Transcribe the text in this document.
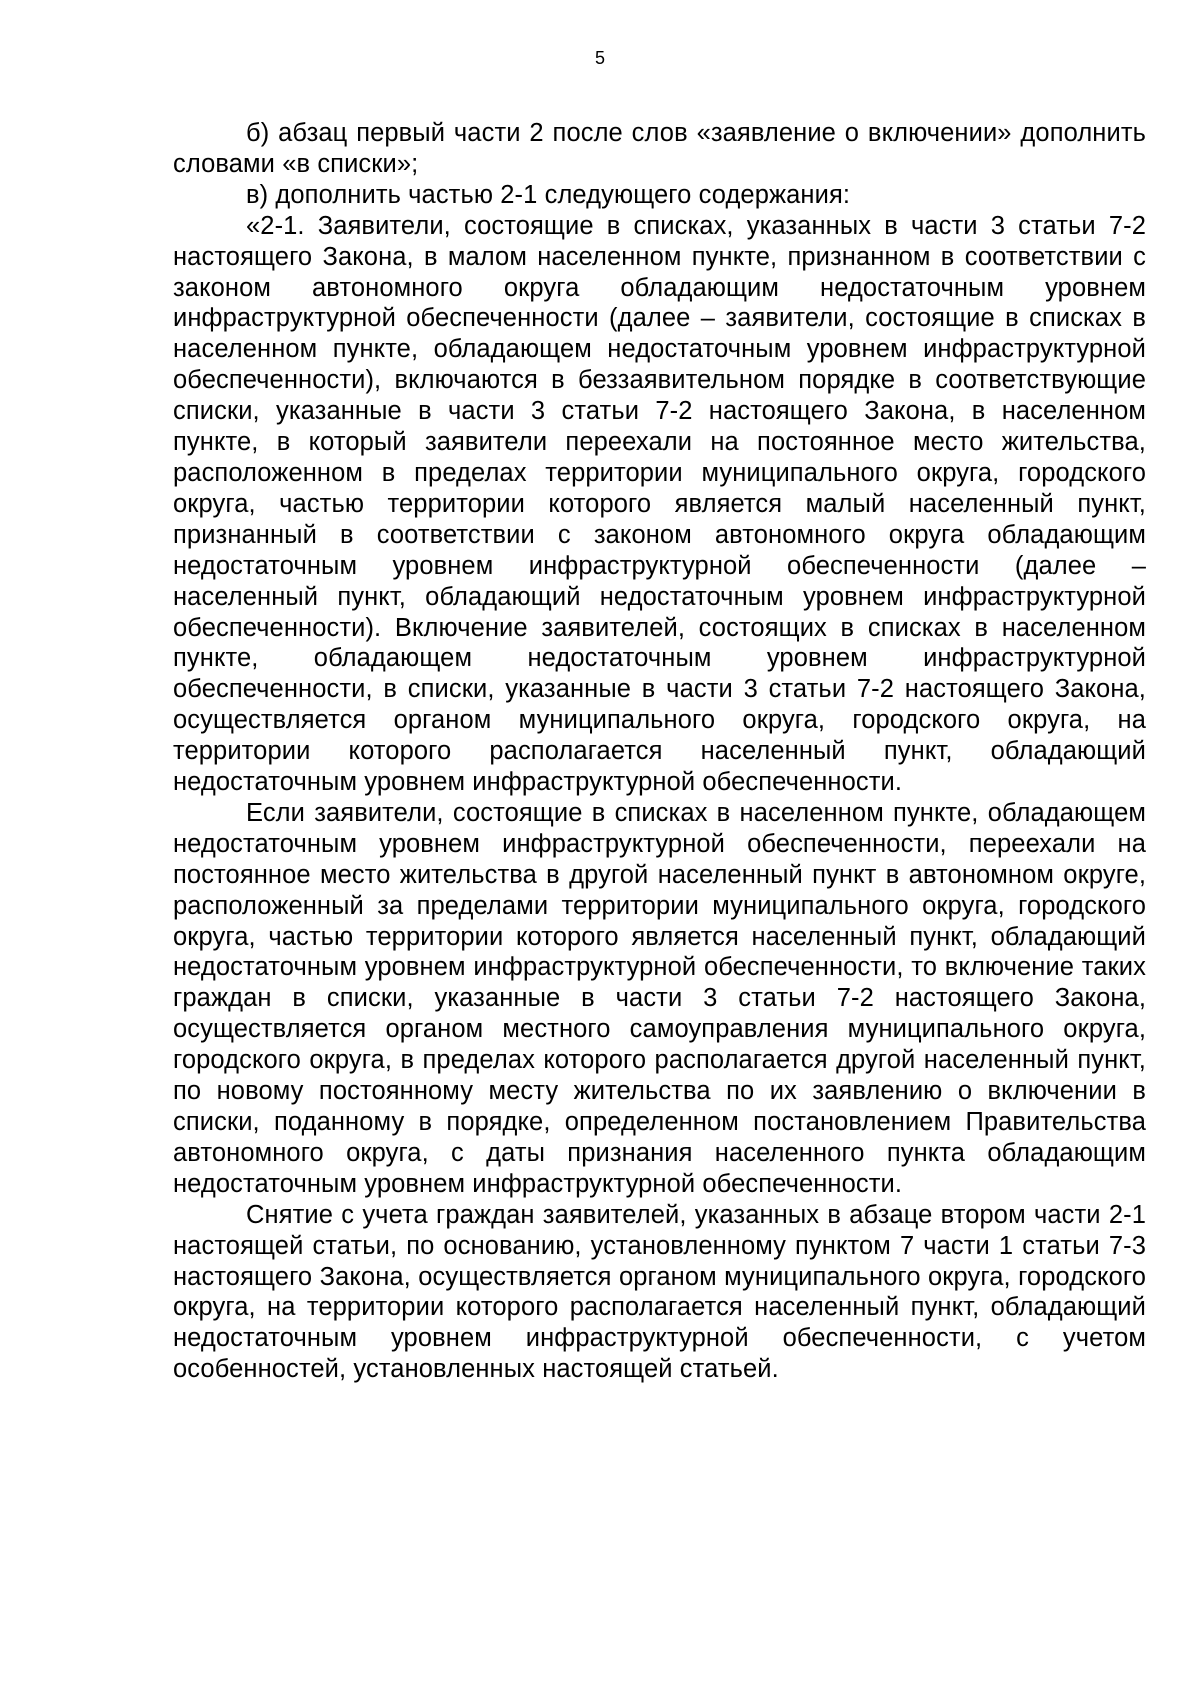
5

б) абзац первый части 2 после слов «заявление о включении» дополнить словами «в списки»;

в) дополнить частью 2-1 следующего содержания:

«2-1. Заявители, состоящие в списках, указанных в части 3 статьи 7-2 настоящего Закона, в малом населенном пункте, признанном в соответствии с законом автономного округа обладающим недостаточным уровнем инфраструктурной обеспеченности (далее – заявители, состоящие в списках в населенном пункте, обладающем недостаточным уровнем инфраструктурной обеспеченности), включаются в беззаявительном порядке в соответствующие списки, указанные в части 3 статьи 7-2 настоящего Закона, в населенном пункте, в который заявители переехали на постоянное место жительства, расположенном в пределах территории муниципального округа, городского округа, частью территории которого является малый населенный пункт, признанный в соответствии с законом автономного округа обладающим недостаточным уровнем инфраструктурной обеспеченности (далее – населенный пункт, обладающий недостаточным уровнем инфраструктурной обеспеченности). Включение заявителей, состоящих в списках в населенном пункте, обладающем недостаточным уровнем инфраструктурной обеспеченности, в списки, указанные в части 3 статьи 7-2 настоящего Закона, осуществляется органом муниципального округа, городского округа, на территории которого располагается населенный пункт, обладающий недостаточным уровнем инфраструктурной обеспеченности.

Если заявители, состоящие в списках в населенном пункте, обладающем недостаточным уровнем инфраструктурной обеспеченности, переехали на постоянное место жительства в другой населенный пункт в автономном округе, расположенный за пределами территории муниципального округа, городского округа, частью территории которого является населенный пункт, обладающий недостаточным уровнем инфраструктурной обеспеченности, то включение таких граждан в списки, указанные в части 3 статьи 7-2 настоящего Закона, осуществляется органом местного самоуправления муниципального округа, городского округа, в пределах которого располагается другой населенный пункт, по новому постоянному месту жительства по их заявлению о включении в списки, поданному в порядке, определенном постановлением Правительства автономного округа, с даты признания населенного пункта обладающим недостаточным уровнем инфраструктурной обеспеченности.

Снятие с учета граждан заявителей, указанных в абзаце втором части 2-1 настоящей статьи, по основанию, установленному пунктом 7 части 1 статьи 7-3 настоящего Закона, осуществляется органом муниципального округа, городского округа, на территории которого располагается населенный пункт, обладающий недостаточным уровнем инфраструктурной обеспеченности, с учетом особенностей, установленных настоящей статьей.
